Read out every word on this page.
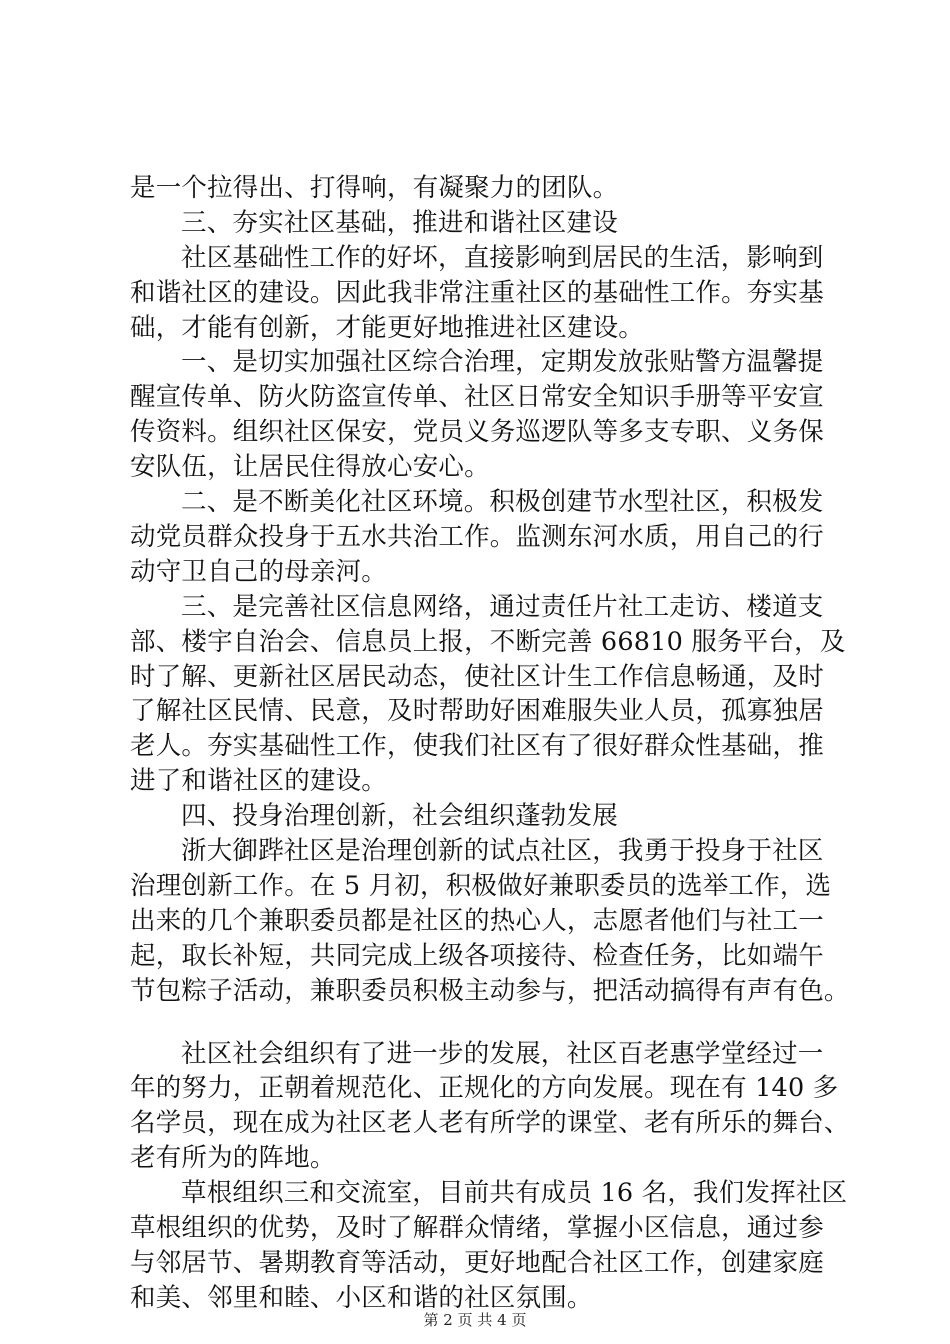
是一个拉得出、打得响，有凝聚力的团队。
三、夯实社区基础，推进和谐社区建设
社区基础性工作的好坏，直接影响到居民的生活，影响到
和谐社区的建设。因此我非常注重社区的基础性工作。夯实基
础，才能有创新，才能更好地推进社区建设。
一、是切实加强社区综合治理，定期发放张贴警方温馨提
醒宣传单、防火防盗宣传单、社区日常安全知识手册等平安宣
传资料。组织社区保安，党员义务巡逻队等多支专职、义务保
安队伍，让居民住得放心安心。
二、是不断美化社区环境。积极创建节水型社区，积极发
动党员群众投身于五水共治工作。监测东河水质，用自己的行
动守卫自己的母亲河。
三、是完善社区信息网络，通过责任片社工走访、楼道支
部、楼宇自治会、信息员上报，不断完善 66810 服务平台，及
时了解、更新社区居民动态，使社区计生工作信息畅通，及时
了解社区民情、民意，及时帮助好困难服失业人员，孤寡独居
老人。夯实基础性工作，使我们社区有了很好群众性基础，推
进了和谐社区的建设。
四、投身治理创新，社会组织蓬勃发展
浙大御跸社区是治理创新的试点社区，我勇于投身于社区
治理创新工作。在 5 月初，积极做好兼职委员的选举工作，选
出来的几个兼职委员都是社区的热心人，志愿者他们与社工一
起，取长补短，共同完成上级各项接待、检查任务，比如端午
节包粽子活动，兼职委员积极主动参与，把活动搞得有声有色。
社区社会组织有了进一步的发展，社区百老惠学堂经过一
年的努力，正朝着规范化、正规化的方向发展。现在有 140 多
名学员，现在成为社区老人老有所学的课堂、老有所乐的舞台、
老有所为的阵地。
草根组织三和交流室，目前共有成员 16 名，我们发挥社区
草根组织的优势，及时了解群众情绪，掌握小区信息，通过参
与邻居节、暑期教育等活动，更好地配合社区工作，创建家庭
和美、邻里和睦、小区和谐的社区氛围。
第 2 页 共 4 页
